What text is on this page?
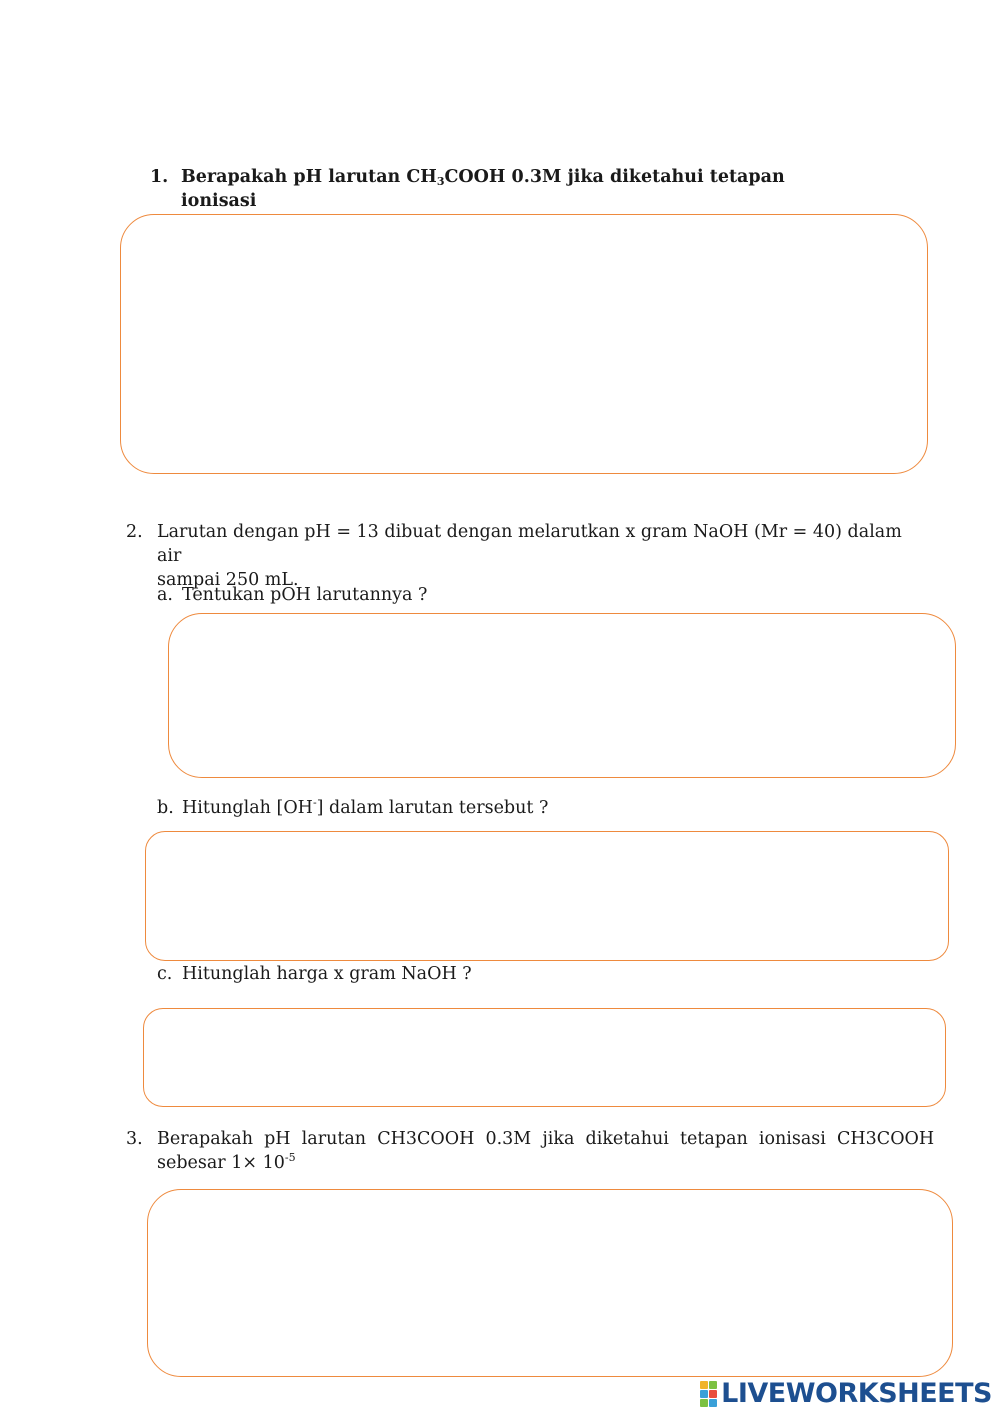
1. Berapakah pH larutan $CH_3COOH$ 0.3M jika diketahui tetapan ionisasi
2. Larutan dengan pH = 13 dibuat dengan melarutkan x gram NaOH (Mr = 40) dalam air
sampai 250 mL.
a. Tentukan pOH larutannya ?
b. Hitunglah [OH-] dalam larutan tersebut ?
c. Hitunglah harga x gram NaOH ?
3. Berapakah  pH  larutan  CH3COOH  0.3M  jika  diketahui  tetapan  ionisasi  CH3COOH
sebesar $1\times 10^{-5}$
LIVEWORKSHEETS
